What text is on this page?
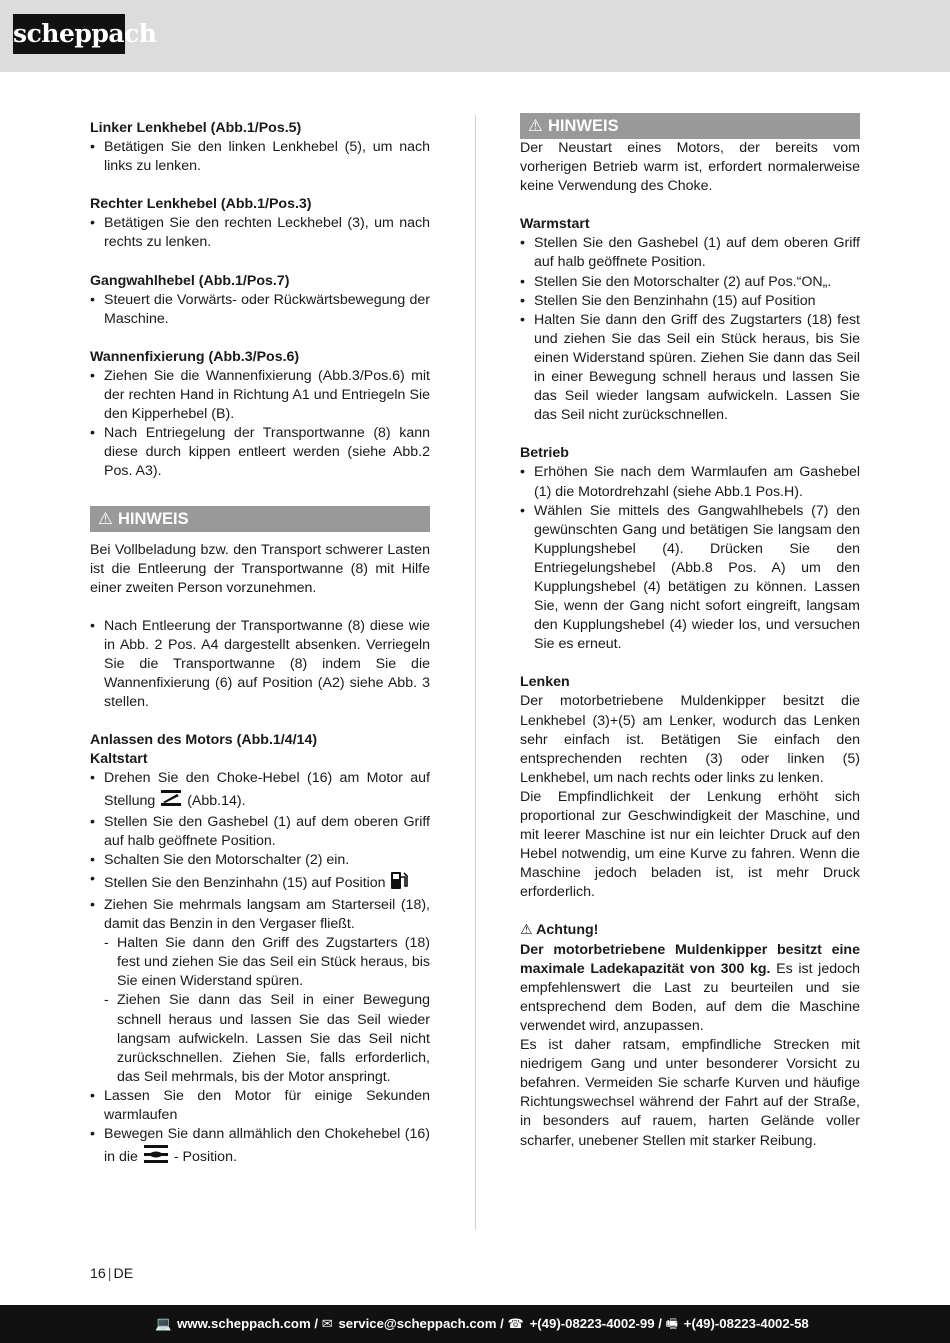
scheppach

Linker Lenkhebel (Abb.1/Pos.5)

• Betätigen Sie den linken Lenkhebel (5), um nach links zu lenken.

Rechter Lenkhebel (Abb.1/Pos.3)

• Betätigen Sie den rechten Leckhebel (3), um nach rechts zu lenken.

Gangwahlhebel (Abb.1/Pos.7)

• Steuert die Vorwärts- oder Rückwärtsbewegung der Maschine.

Wannenfixierung (Abb.3/Pos.6)

• Ziehen Sie die Wannenfixierung (Abb.3/Pos.6) mit der rechten Hand in Richtung A1 und Entriegeln Sie den Kipperhebel (B).
• Nach Entriegelung der Transportwanne (8) kann diese durch kippen entleert werden (siehe Abb.2 Pos. A3).
⚠ HINWEIS

Bei Vollbeladung bzw. den Transport schwerer Lasten ist die Entleerung der Transportwanne (8) mit Hilfe einer zweiten Person vorzunehmen.

• Nach Entleerung der Transportwanne (8) diese wie in Abb. 2 Pos. A4 dargestellt absenken. Verriegeln Sie die Transportwanne (8) indem Sie die Wannenfixierung (6) auf Position (A2) siehe Abb. 3 stellen.

Anlassen des Motors (Abb.1/4/14)

Kaltstart

• Drehen Sie den Choke-Hebel (16) am Motor auf Stellung (Abb.14).
• Stellen Sie den Gashebel (1) auf dem oberen Griff auf halb geöffnete Position.
• Schalten Sie den Motorschalter (2) ein.
• Stellen Sie den Benzinhahn (15) auf Position
• Ziehen Sie mehrmals langsam am Starterseil (18), damit das Benzin in den Vergaser fließt.
- Halten Sie dann den Griff des Zugstarters (18) fest und ziehen Sie das Seil ein Stück heraus, bis Sie einen Widerstand spüren.
- Ziehen Sie dann das Seil in einer Bewegung schnell heraus und lassen Sie das Seil wieder langsam aufwickeln. Lassen Sie das Seil nicht zurückschnellen. Ziehen Sie, falls erforderlich, das Seil mehrmals, bis der Motor anspringt.
• Lassen Sie den Motor für einige Sekunden warmlaufen
• Bewegen Sie dann allmählich den Chokehebel (16) in die	- Position.
⚠ HINWEIS

Der Neustart eines Motors, der bereits vom vorherigen Betrieb warm ist, erfordert normalerweise keine Verwendung des Choke.

Warmstart

• Stellen Sie den Gashebel (1) auf dem oberen Griff auf halb geöffnete Position.
• Stellen Sie den Motorschalter (2) auf Pos.“ON„.
• Stellen Sie den Benzinhahn (15) auf Position
• Halten Sie dann den Griff des Zugstarters (18) fest und ziehen Sie das Seil ein Stück heraus, bis Sie einen Widerstand spüren. Ziehen Sie dann das Seil in einer Bewegung schnell heraus und lassen Sie das Seil wieder langsam aufwickeln. Lassen Sie das Seil nicht zurückschnellen.

Betrieb

• Erhöhen Sie nach dem Warmlaufen am Gashebel (1) die Motordrehzahl (siehe Abb.1 Pos.H).
• Wählen Sie mittels des Gangwahlhebels (7) den gewünschten Gang und betätigen Sie langsam den Kupplungshebel (4). Drücken Sie den Entriegelungshebel (Abb.8 Pos. A) um den Kupplungshebel (4) betätigen zu können. Lassen Sie, wenn der Gang nicht sofort eingreift, langsam den Kupplungshebel (4) wieder los, und versuchen Sie es erneut.

Lenken

Der motorbetriebene Muldenkipper besitzt die Lenkhebel (3)+(5) am Lenker, wodurch das Lenken sehr einfach ist. Betätigen Sie einfach den entsprechenden rechten (3) oder linken (5) Lenkhebel, um nach rechts oder links zu lenken.

Die Empfindlichkeit der Lenkung erhöht sich proportional zur Geschwindigkeit der Maschine, und mit leerer Maschine ist nur ein leichter Druck auf den Hebel notwendig, um eine Kurve zu fahren. Wenn die Maschine jedoch beladen ist, ist mehr Druck erforderlich.

⚠ Achtung!

Der motorbetriebene Muldenkipper besitzt eine maximale Ladekapazität von 300 kg. Es ist jedoch empfehlenswert die Last zu beurteilen und sie entsprechend dem Boden, auf dem die Maschine verwendet wird, anzupassen.

Es ist daher ratsam, empfindliche Strecken mit niedrigem Gang und unter besonderer Vorsicht zu befahren. Vermeiden Sie scharfe Kurven und häufige Richtungswechsel während der Fahrt auf der Straße, in besonders auf rauem, harten Gelände voller scharfer, unebener Stellen mit starker Reibung.

16 | DE
💻 www.scheppach.com / ✉ service@scheppach.com / ☎ +(49)-08223-4002-99 / 🖷 +(49)-08223-4002-58
